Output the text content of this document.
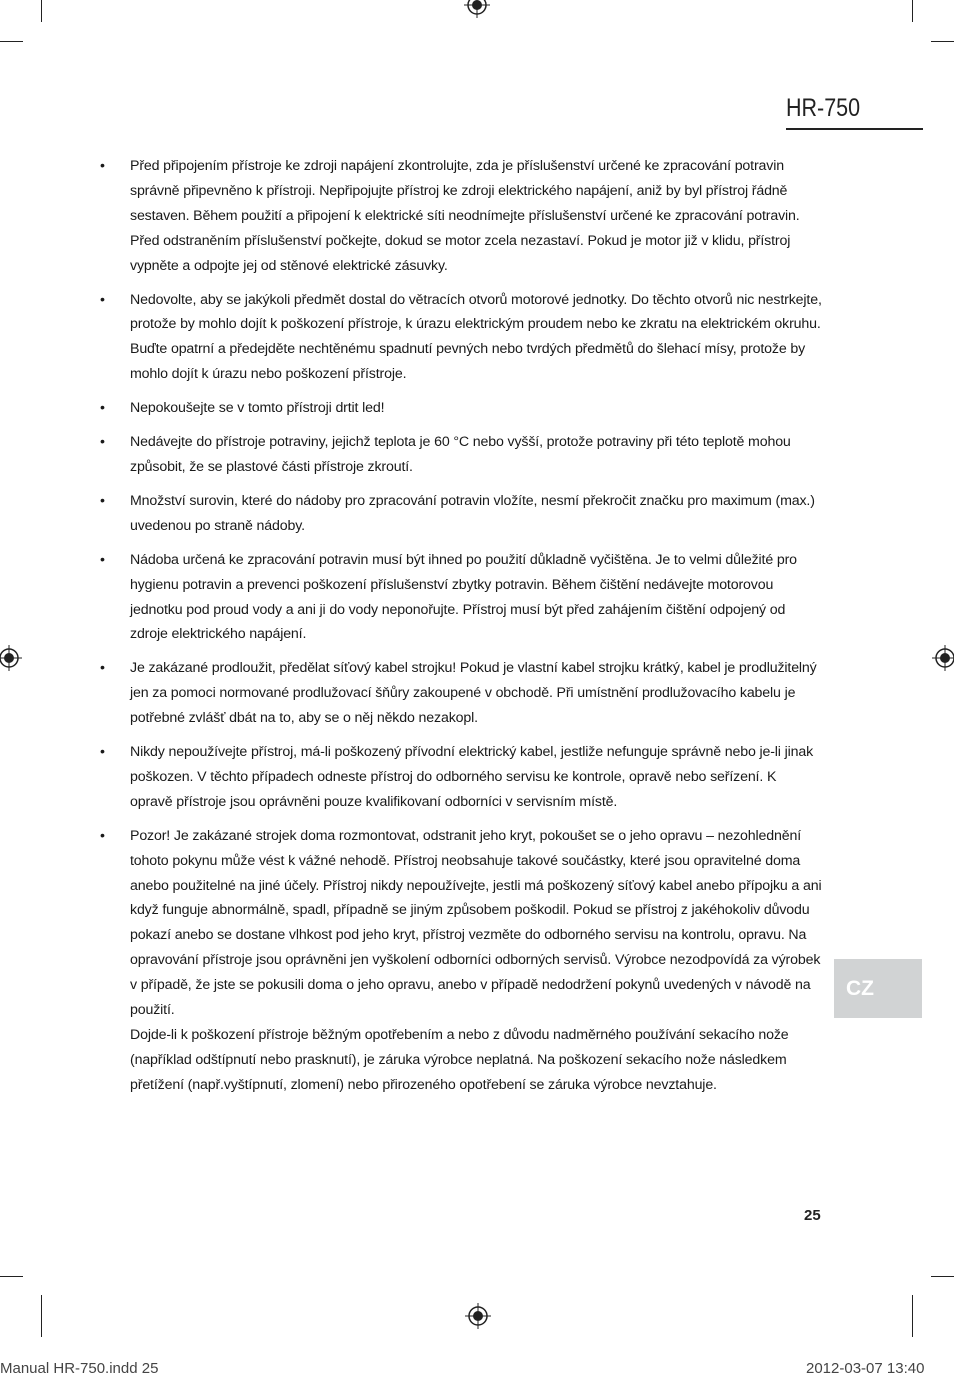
HR-750
•	Před připojením přístroje ke zdroji napájení zkontrolujte, zda je příslušenství určené ke zpracování potravin správně připevněno k přístroji. Nepřipojujte přístroj ke zdroji elektrického napájení, aniž by byl přístroj řádně sestaven. Během použití a připojení k elektrické síti neodnímejte příslušenství určené ke zpracování potravin. Před odstraněním příslušenství počkejte, dokud se motor zcela nezastaví. Pokud je motor již v klidu, přístroj vypněte a odpojte jej od stěnové elektrické zásuvky.

•	Nedovolte, aby se jakýkoli předmět dostal do větracích otvorů motorové jednotky. Do těchto otvorů nic nestrkejte, protože by mohlo dojít k poškození přístroje, k úrazu elektrickým proudem nebo ke zkratu na elektrickém okruhu. Buďte opatrní a předejděte nechtěnému spadnutí pevných nebo tvrdých předmětů do šlehací mísy, protože by mohlo dojít k úrazu nebo poškození přístroje.

•	Nepokoušejte se v tomto přístroji drtit led!

•	Nedávejte do přístroje potraviny, jejichž teplota je 60 °C nebo vyšší, protože potraviny při této teplotě mohou způsobit, že se plastové části přístroje zkroutí.

•	Množství surovin, které do nádoby pro zpracování potravin vložíte, nesmí překročit značku pro maximum (max.) uvedenou po straně nádoby.

•	Nádoba určená ke zpracování potravin musí být ihned po použití důkladně vyčištěna. Je to velmi důležité pro hygienu potravin a prevenci poškození příslušenství zbytky potravin. Během čištění nedávejte motorovou jednotku pod proud vody a ani ji do vody neponořujte. Přístroj musí být před zahájením čištění odpojený od zdroje elektrického napájení.

•	Je zakázané prodloužit, předělat síťový kabel strojku! Pokud je vlastní kabel strojku krátký, kabel je prodlužitelný jen za pomoci normované prodlužovací šňůry zakoupené v obchodě. Při umístnění prodlužovacího kabelu je potřebné zvlášť dbát na to, aby se o něj někdo nezakopl.

•	Nikdy nepoužívejte přístroj, má-li poškozený přívodní elektrický kabel, jestliže nefunguje správně nebo je-li jinak poškozen. V těchto případech odneste přístroj do odborného servisu ke kontrole, opravě nebo seřízení. K opravě přístroje jsou oprávněni pouze kvalifikovaní odborníci v servisním místě.

•	Pozor! Je zakázané strojek doma rozmontovat, odstranit jeho kryt, pokoušet se o jeho opravu – nezohlednění tohoto pokynu může vést k vážné nehodě. Přístroj neobsahuje takové součástky, které jsou opravitelné doma anebo použitelné na jiné účely. Přístroj nikdy nepoužívejte, jestli má poškozený síťový kabel anebo přípojku a ani když funguje abnormálně, spadl, případně se jiným způsobem poškodil. Pokud se přístroj z jakéhokoliv důvodu pokazí anebo se dostane vlhkost pod jeho kryt, přístroj vezměte do odborného servisu na kontrolu, opravu. Na opravování přístroje jsou oprávněni jen vyškolení odborníci odborných servisů. Výrobce nezodpovídá za výrobek v případě, že jste se pokusili doma o jeho opravu, anebo v případě nedodržení pokynů uvedených v návodě na použití.

Dojde-li k poškození přístroje běžným opotřebením a nebo z důvodu nadměrného používání sekacího nože (například odštípnutí nebo prasknutí), je záruka výrobce neplatná. Na poškození sekacího nože následkem přetížení (např.vyštípnutí, zlomení) nebo přirozeného opotřebení se záruka výrobce nevztahuje.

CZ
25
Manual HR-750.indd 25	2012-03-07 13:40
